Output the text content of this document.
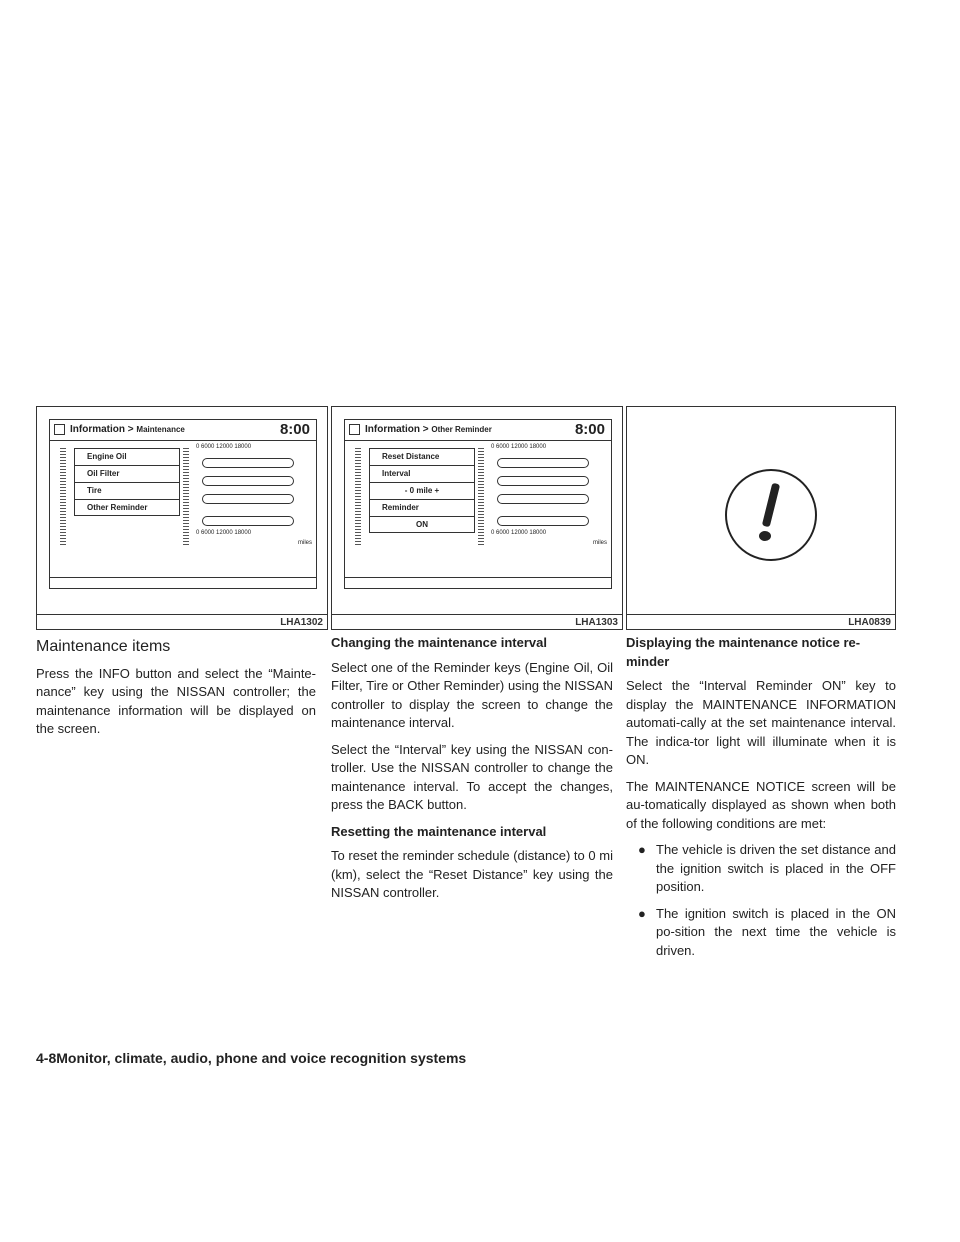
Information > Maintenance	8:00
Engine Oil
Oil Filter
Tire
Other Reminder
0 6000 12000 18000
0 6000 12000 18000
miles
LHA1302
Information > Other Reminder	8:00
Reset Distance
Interval
- 0 mile +
Reminder
ON
0 6000 12000 18000
0 6000 12000 18000
miles
LHA1303	LHA0839
Maintenance items

Press the INFO button and select the “Mainte-nance” key using the NISSAN controller; the maintenance information will be displayed on the screen.

Changing the maintenance interval

Select one of the Reminder keys (Engine Oil, Oil Filter, Tire or Other Reminder) using the NISSAN controller to display the screen to change the maintenance interval.

Select the “Interval” key using the NISSAN con-troller. Use the NISSAN controller to change the maintenance interval. To accept the changes, press the BACK button.

Resetting the maintenance interval

To reset the reminder schedule (distance) to 0 mi (km), select the “Reset Distance” key using the NISSAN controller.

Displaying the maintenance notice re-minder

Select the “Interval Reminder ON” key to display the MAINTENANCE INFORMATION automati-cally at the set maintenance interval. The indica-tor light will illuminate when it is ON.

The MAINTENANCE NOTICE screen will be au-tomatically displayed as shown when both of the following conditions are met:

● The vehicle is driven the set distance and the ignition switch is placed in the OFF position.
● The ignition switch is placed in the ON po-sition the next time the vehicle is driven.
4-8Monitor, climate, audio, phone and voice recognition systems
